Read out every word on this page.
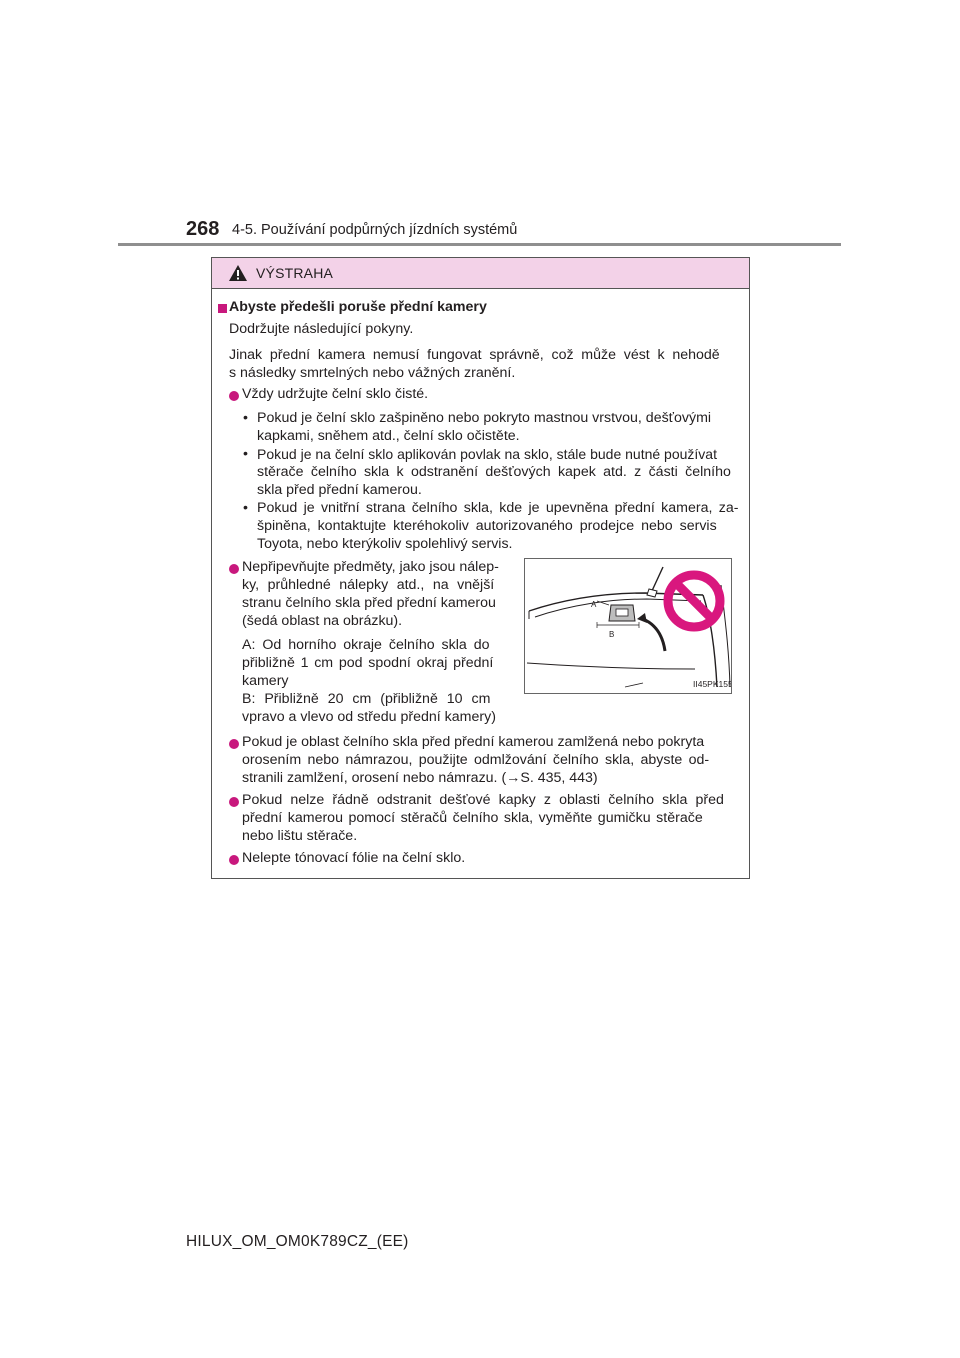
268 4-5. Používání podpůrných jízdních systémů
VÝSTRAHA
Abyste předešli poruše přední kamery
Dodržujte následující pokyny.
Jinak přední kamera nemusí fungovat správně, což může vést k nehodě
s následky smrtelných nebo vážných zranění.
Vždy udržujte čelní sklo čisté.
• Pokud je čelní sklo zašpiněno nebo pokryto mastnou vrstvou, dešťovými
kapkami, sněhem atd., čelní sklo očistěte.
• Pokud je na čelní sklo aplikován povlak na sklo, stále bude nutné používat
stěrače čelního skla k odstranění dešťových kapek atd. z části čelního
skla před přední kamerou.
• Pokud je vnitřní strana čelního skla, kde je upevněna přední kamera, za-
špiněna, kontaktujte kteréhokoliv autorizovaného prodejce nebo servis
Toyota, nebo kterýkoliv spolehlivý servis.
Nepřipevňujte předměty, jako jsou nálep-
ky, průhledné nálepky atd., na vnější
stranu čelního skla před přední kamerou
(šedá oblast na obrázku).
A: Od horního okraje čelního skla do
přibližně 1 cm pod spodní okraj přední
kamery
B: Přibližně 20 cm (přibližně 10 cm
vpravo a vlevo od středu přední kamery)
Pokud je oblast čelního skla před přední kamerou zamlžená nebo pokryta
orosením nebo námrazou, použijte odmlžování čelního skla, abyste od-
stranili zamlžení, orosení nebo námrazu. (→S. 435, 443)
Pokud nelze řádně odstranit dešťové kapky z oblasti čelního skla před
přední kamerou pomocí stěračů čelního skla, vyměňte gumičku stěrače
nebo lištu stěrače.
Nelepte tónovací fólie na čelní sklo.
A
B
II45PK155
HILUX_OM_OM0K789CZ_(EE)
